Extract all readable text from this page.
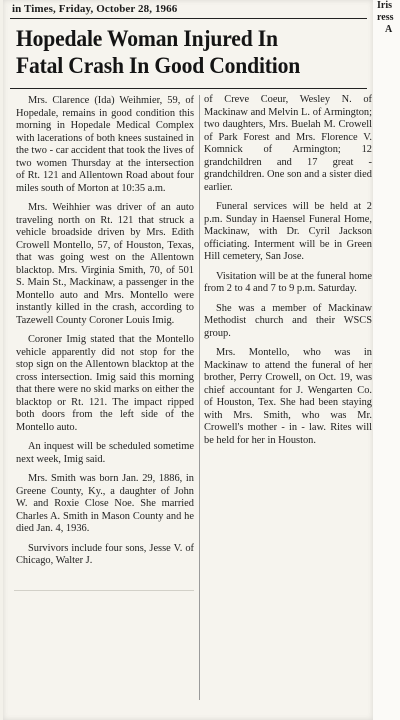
Iris
ress
A
in Times, Friday, October 28, 1966
Hopedale Woman Injured In
Fatal Crash In Good Condition

Mrs. Clarence (Ida) Weihmier, 59, of Hopedale, remains in good condition this morning in Hopedale Medical Complex with lacerations of both knees sustained in the two - car accident that took the lives of two women Thursday at the intersection of Rt. 121 and Allentown Road about four miles south of Morton at 10:35 a.m.

Mrs. Weihhier was driver of an auto traveling north on Rt. 121 that struck a vehicle broadside driven by Mrs. Edith Crowell Montello, 57, of Houston, Texas, that was going west on the Allentown blacktop. Mrs. Virginia Smith, 70, of 501 S. Main St., Mackinaw, a passenger in the Montello auto and Mrs. Montello were instantly killed in the crash, according to Tazewell County Coroner Louis Imig.

Coroner Imig stated that the Montello vehicle apparently did not stop for the stop sign on the Allentown blacktop at the cross intersection. Imig said this morning that there were no skid marks on either the blacktop or Rt. 121. The impact ripped both doors from the left side of the Montello auto.

An inquest will be scheduled sometime next week, Imig said.

Mrs. Smith was born Jan. 29, 1886, in Greene County, Ky., a daughter of John W. and Roxie Close Noe. She married Charles A. Smith in Mason County and he died Jan. 4, 1936.

Survivors include four sons, Jesse V. of Chicago, Walter J.

of Creve Coeur, Wesley N. of Mackinaw and Melvin L. of Armington; two daughters, Mrs. Buelah M. Crowell of Park Forest and Mrs. Florence V. Komnick of Armington; 12 grandchildren and 17 great - grandchildren. One son and a sister died earlier.

Funeral services will be held at 2 p.m. Sunday in Haensel Funeral Home, Mackinaw, with Dr. Cyril Jackson officiating. Interment will be in Green Hill cemetery, San Jose.

Visitation will be at the funeral home from 2 to 4 and 7 to 9 p.m. Saturday.

She was a member of Mackinaw Methodist church and their WSCS group.

Mrs. Montello, who was in Mackinaw to attend the funeral of her brother, Perry Crowell, on Oct. 19, was chief accountant for J. Wengarten Co. of Houston, Tex. She had been staying with Mrs. Smith, who was Mr. Crowell's mother - in - law. Rites will be held for her in Houston.
